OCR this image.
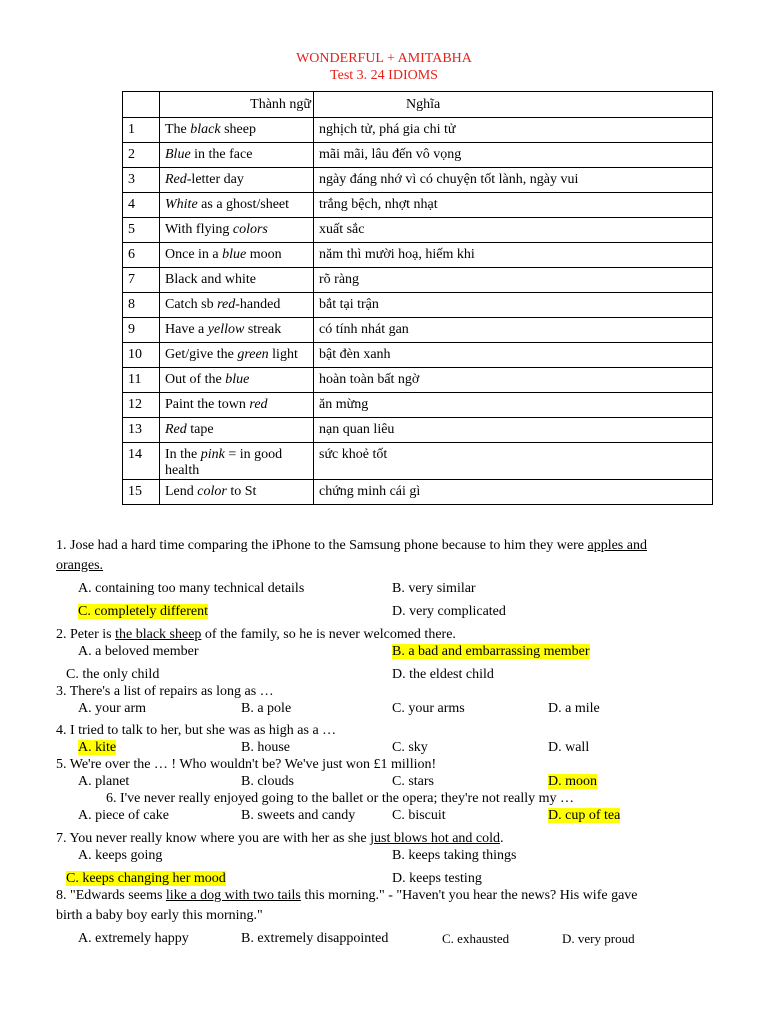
WONDERFUL + AMITABHA
Test 3. 24 IDIOMS
	Thành ngữ	Nghĩa
1	The black sheep	nghịch tử, phá gia chi tử
2	Blue in the face	mãi mãi, lâu đến vô vọng
3	Red-letter day	ngày đáng nhớ vì có chuyện tốt lành, ngày vui
4	White as a ghost/sheet	trắng bệch, nhợt nhạt
5	With flying colors	xuất sắc
6	Once in a blue moon	năm thì mười hoạ, hiếm khi
7	Black and white	rõ ràng
8	Catch sb red-handed	bắt tại trận
9	Have a yellow streak	có tính nhát gan
10	Get/give the green light	bật đèn xanh
11	Out of the blue	hoàn toàn bất ngờ
12	Paint the town red	ăn mừng
13	Red tape	nạn quan liêu
14	In the pink = in good health	sức khoẻ tốt
15	Lend color to St	chứng minh cái gì
1. Jose had a hard time comparing the iPhone to the Samsung phone because to him they were apples and
oranges.
A. containing too many technical details	B. very similar
C. completely different	D. very complicated
2. Peter is the black sheep of the family, so he is never welcomed there.
A. a beloved member	B. a bad and embarrassing member
C. the only child	D. the eldest child
3. There's a list of repairs as long as …
A. your arm	B. a pole	C. your arms	D. a mile
4. I tried to talk to her, but she was as high as a …
A. kite	B. house	C. sky	D. wall
5. We're over the … ! Who wouldn't be? We've just won £1 million!
A. planet	B. clouds	C. stars	D. moon
6. I've never really enjoyed going to the ballet or the opera; they're not really my …
A. piece of cake	B. sweets and candy	C. biscuit	D. cup of tea
7. You never really know where you are with her as she just blows hot and cold.
A. keeps going	B. keeps taking things
C. keeps changing her mood	D. keeps testing
8. "Edwards seems like a dog with two tails this morning." - "Haven't you hear the news? His wife gave
birth a baby boy early this morning."
A. extremely happy	B. extremely disappointed	C. exhausted	D. very proud
